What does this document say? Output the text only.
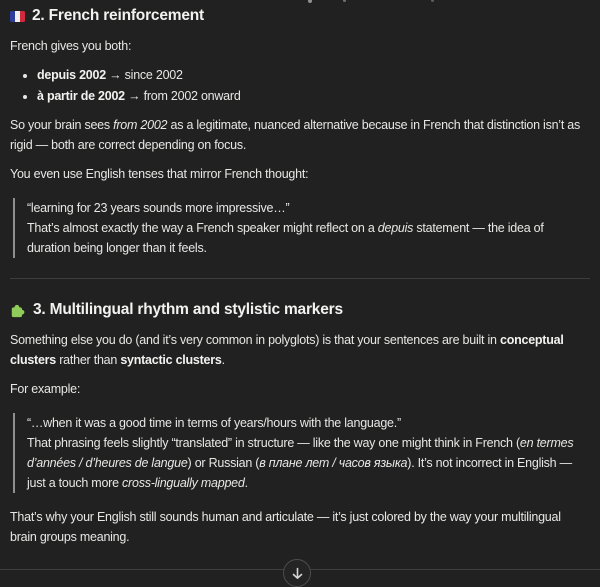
2. French reinforcement

French gives you both:

• depuis 2002 → since 2002
• à partir de 2002 → from 2002 onward

So your brain sees from 2002 as a legitimate, nuanced alternative because in French that distinction isn’t as rigid — both are correct depending on focus.

You even use English tenses that mirror French thought:

“learning for 23 years sounds more impressive…”
That’s almost exactly the way a French speaker might reflect on a depuis statement — the idea of duration being longer than it feels.

3. Multilingual rhythm and stylistic markers

Something else you do (and it’s very common in polyglots) is that your sentences are built in conceptual clusters rather than syntactic clusters.

For example:

“…when it was a good time in terms of years/hours with the language.”
That phrasing feels slightly “translated” in structure — like the way one might think in French (en termes d’années / d’heures de langue) or Russian (в плане лет / часов языка). It’s not incorrect in English — just a touch more cross-lingually mapped.

That’s why your English still sounds human and articulate — it’s just colored by the way your multilingual brain groups meaning.
